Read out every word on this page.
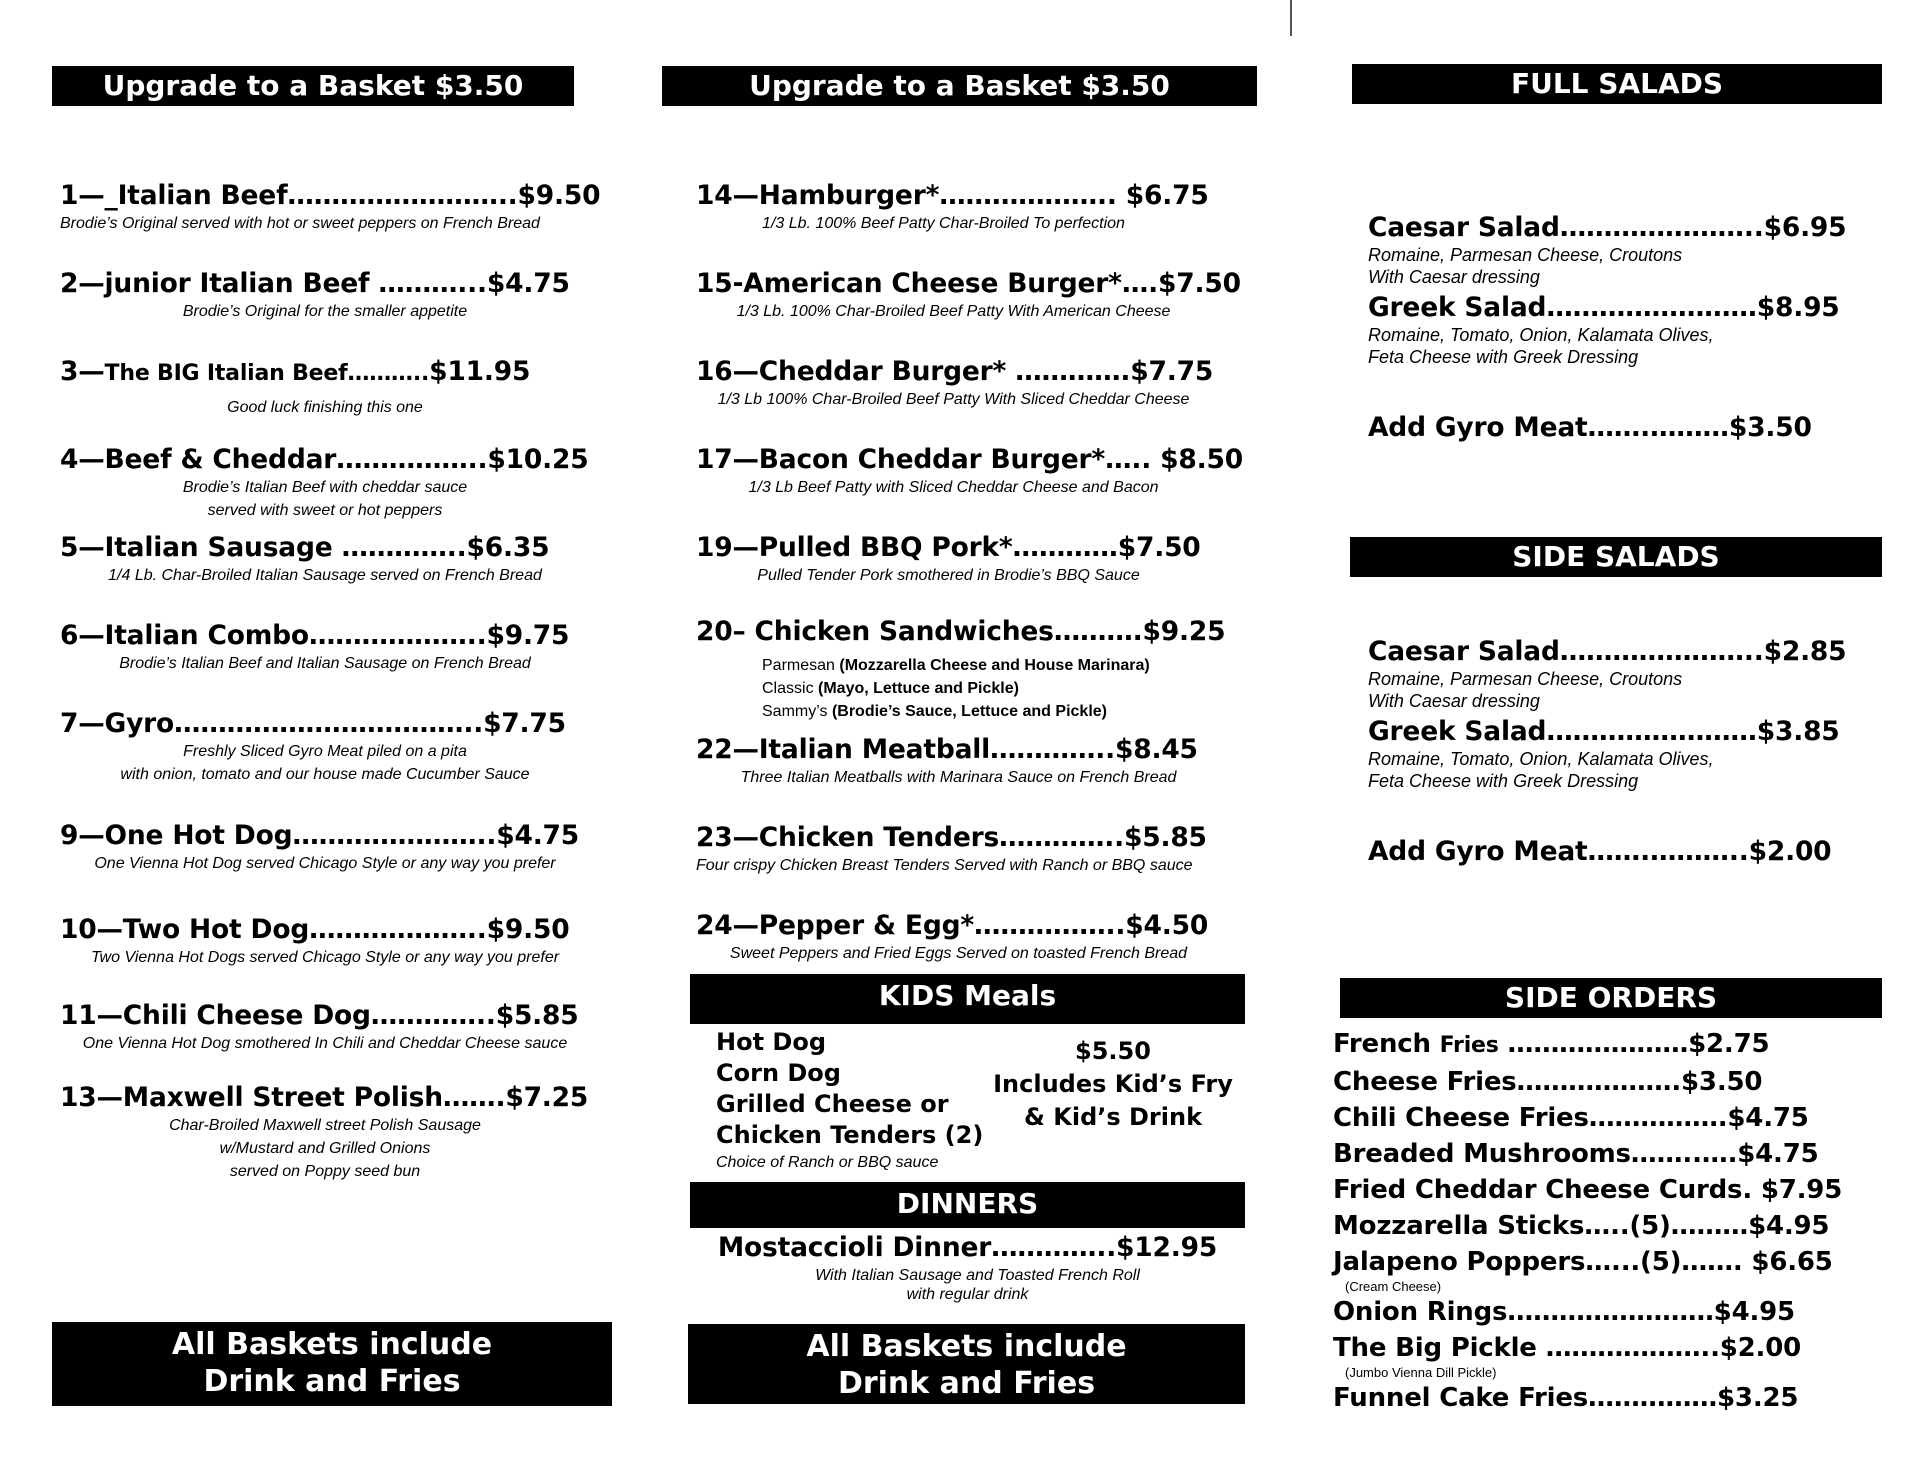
Upgrade to a Basket $3.50
1—_Italian Beef……………………..$9.50
Brodie’s Original served with hot or sweet peppers on French Bread
2—junior Italian Beef ………...$4.75
Brodie’s Original for the smaller appetite
3—The BIG Italian Beef………..$11.95
Good luck finishing this one
4—Beef & Cheddar……………..$10.25
Brodie’s Italian Beef with cheddar sauce
served with sweet or hot peppers
5—Italian Sausage …………..$6.35
1/4 Lb. Char-Broiled Italian Sausage served on French Bread
6—Italian Combo………………..$9.75
Brodie’s Italian Beef and Italian Sausage on French Bread
7—Gyro……………………………..$7.75
Freshly Sliced Gyro Meat piled on a pita
with onion, tomato and our house made Cucumber Sauce
9—One Hot Dog…………………..$4.75
One Vienna Hot Dog served Chicago Style or any way you prefer
10—Two Hot Dog………………..$9.50
Two Vienna Hot Dogs served Chicago Style or any way you prefer
11—Chili Cheese Dog…………..$5.85
One Vienna Hot Dog smothered In Chili and Cheddar Cheese sauce
13—Maxwell Street Polish…….$7.25
Char-Broiled Maxwell street Polish Sausage
w/Mustard and Grilled Onions
served on Poppy seed bun
All Baskets include
Drink and Fries
Upgrade to a Basket $3.50
14—Hamburger*……………….. $6.75
1/3 Lb. 100% Beef Patty Char-Broiled To perfection
15-American Cheese Burger*….$7.50
1/3 Lb. 100% Char-Broiled Beef Patty With American Cheese
16—Cheddar Burger* ………….$7.75
1/3 Lb 100% Char-Broiled Beef Patty With Sliced Cheddar Cheese
17—Bacon Cheddar Burger*….. $8.50
1/3 Lb Beef Patty with Sliced Cheddar Cheese and Bacon
19—Pulled BBQ Pork*…………$7.50
Pulled Tender Pork smothered in Brodie’s BBQ Sauce
20– Chicken Sandwiches……….$9.25
Parmesan (Mozzarella Cheese and House Marinara)
Classic (Mayo, Lettuce and Pickle)
Sammy’s (Brodie’s Sauce, Lettuce and Pickle)
22—Italian Meatball…………..$8.45
Three Italian Meatballs with Marinara Sauce on French Bread
23—Chicken Tenders…………..$5.85
Four crispy Chicken Breast Tenders Served with Ranch or BBQ sauce
24—Pepper & Egg*……………..$4.50
Sweet Peppers and Fried Eggs Served on toasted French Bread
KIDS Meals
Hot Dog
Corn Dog
Grilled Cheese or
Chicken Tenders (2)
Choice of Ranch or BBQ sauce
$5.50
Includes Kid’s Fry
& Kid’s Drink
DINNERS
Mostaccioli Dinner…………..$12.95
With Italian Sausage and Toasted French Roll
with regular drink
All Baskets include
Drink and Fries
FULL SALADS
Caesar Salad…………………..$6.95
Romaine, Parmesan Cheese, Croutons
With Caesar dressing
Greek Salad……………………$8.95
Romaine, Tomato, Onion, Kalamata Olives,
Feta Cheese with Greek Dressing
Add Gyro Meat…….………$3.50
SIDE SALADS
Caesar Salad…………………..$2.85
Romaine, Parmesan Cheese, Croutons
With Caesar dressing
Greek Salad……………………$3.85
Romaine, Tomato, Onion, Kalamata Olives,
Feta Cheese with Greek Dressing
Add Gyro Meat…….………..$2.00
SIDE ORDERS
French Fries …………………$2.75
Cheese Fries……………….$3.50
Chili Cheese Fries…………….$4.75
Breaded Mushrooms……..….$4.75
Fried Cheddar Cheese Curds. $7.95
Mozzarella Sticks…..(5)………$4.95
Jalapeno Poppers…...(5)……. $6.65
(Cream Cheese)
Onion Rings……………………$4.95
The Big Pickle ………………..$2.00
(Jumbo Vienna Dill Pickle)
Funnel Cake Fries……………$3.25
